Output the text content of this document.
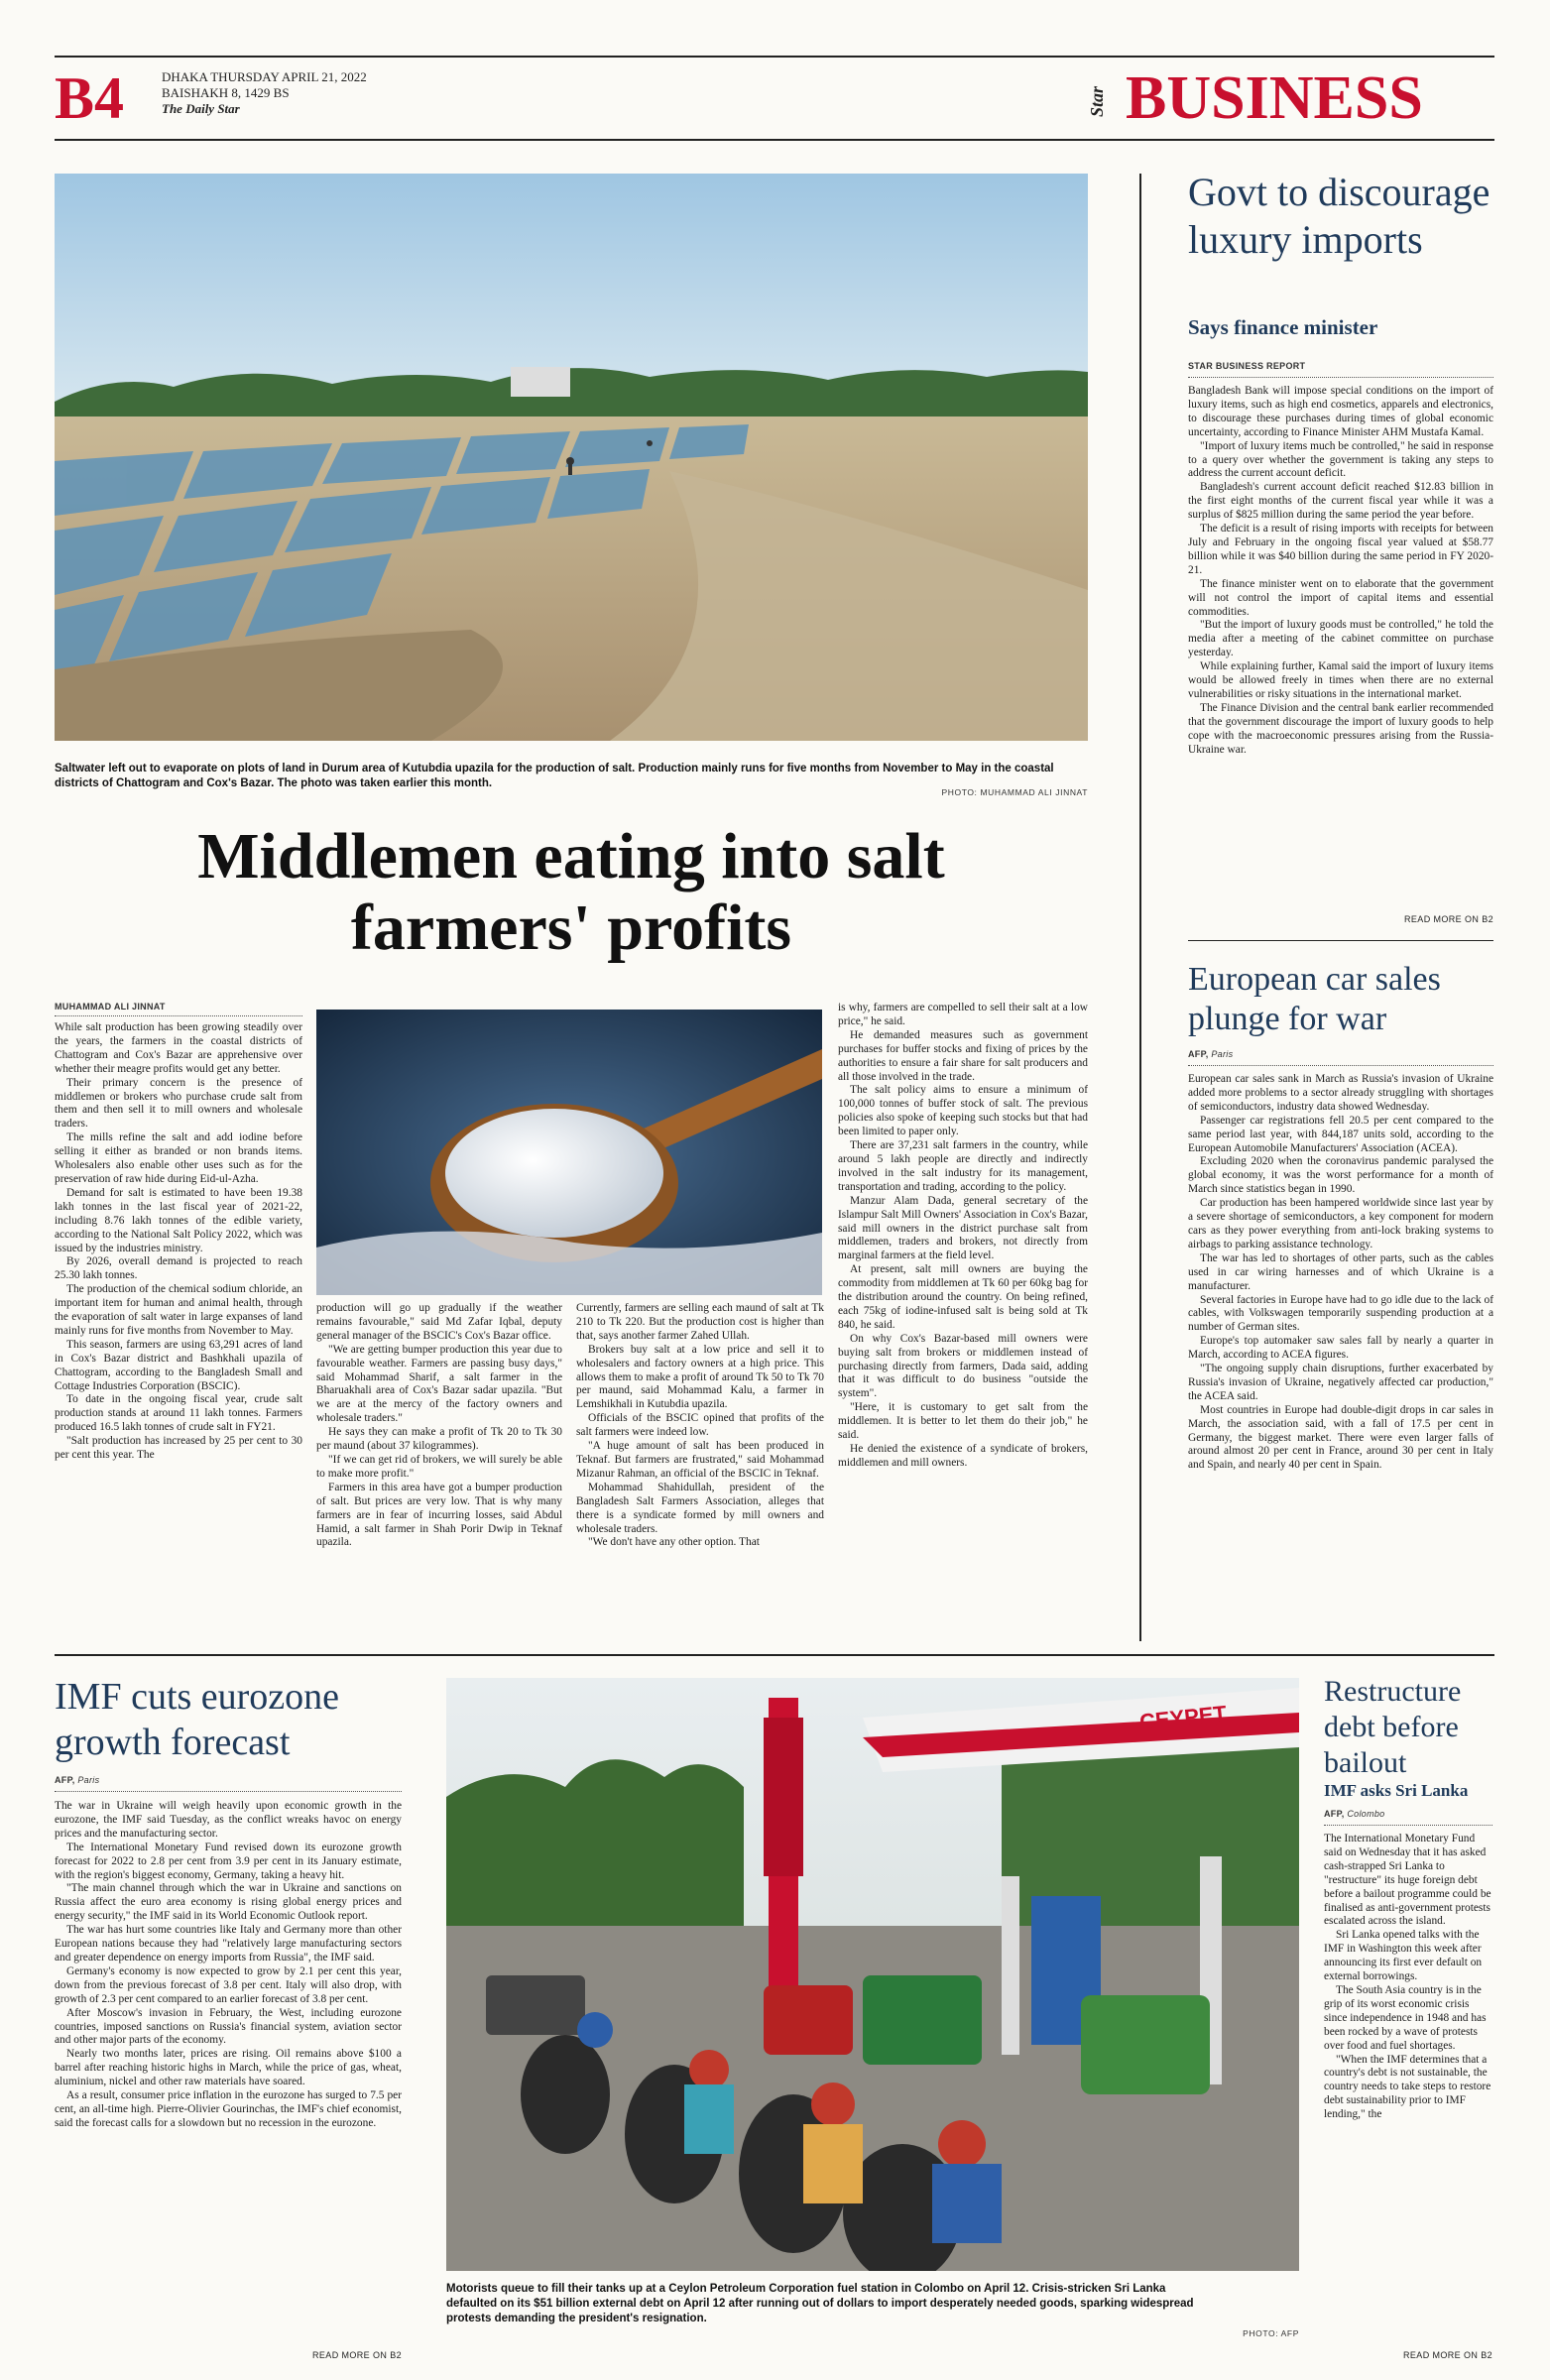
B4	DHAKA THURSDAY APRIL 21, 2022
BAISHAKH 8, 1429 BS
The Daily Star	Star BUSINESS
Saltwater left out to evaporate on plots of land in Durum area of Kutubdia upazila for the production of salt. Production mainly runs for five months from November to May in the coastal districts of Chattogram and Cox's Bazar. The photo was taken earlier this month.
PHOTO: MUHAMMAD ALI JINNAT
Middlemen eating into salt
farmers' profits
MUHAMMAD ALI JINNAT

While salt production has been growing steadily over the years, the farmers in the coastal districts of Chattogram and Cox's Bazar are apprehensive over whether their meagre profits would get any better.

Their primary concern is the presence of middlemen or brokers who purchase crude salt from them and then sell it to mill owners and wholesale traders.

The mills refine the salt and add iodine before selling it either as branded or non brands items. Wholesalers also enable other uses such as for the preservation of raw hide during Eid-ul-Azha.

Demand for salt is estimated to have been 19.38 lakh tonnes in the last fiscal year of 2021-22, including 8.76 lakh tonnes of the edible variety, according to the National Salt Policy 2022, which was issued by the industries ministry.

By 2026, overall demand is projected to reach 25.30 lakh tonnes.

The production of the chemical sodium chloride, an important item for human and animal health, through the evaporation of salt water in large expanses of land mainly runs for five months from November to May.

This season, farmers are using 63,291 acres of land in Cox's Bazar district and Bashkhali upazila of Chattogram, according to the Bangladesh Small and Cottage Industries Corporation (BSCIC).

To date in the ongoing fiscal year, crude salt production stands at around 11 lakh tonnes. Farmers produced 16.5 lakh tonnes of crude salt in FY21.

"Salt production has increased by 25 per cent to 30 per cent this year. The

production will go up gradually if the weather remains favourable," said Md Zafar Iqbal, deputy general manager of the BSCIC's Cox's Bazar office.

"We are getting bumper production this year due to favourable weather. Farmers are passing busy days," said Mohammad Sharif, a salt farmer in the Bharuakhali area of Cox's Bazar sadar upazila. "But we are at the mercy of the factory owners and wholesale traders."

He says they can make a profit of Tk 20 to Tk 30 per maund (about 37 kilogrammes).

"If we can get rid of brokers, we will surely be able to make more profit."

Farmers in this area have got a bumper production of salt. But prices are very low. That is why many farmers are in fear of incurring losses, said Abdul Hamid, a salt farmer in Shah Porir Dwip in Teknaf upazila.

Currently, farmers are selling each maund of salt at Tk 210 to Tk 220. But the production cost is higher than that, says another farmer Zahed Ullah.

Brokers buy salt at a low price and sell it to wholesalers and factory owners at a high price. This allows them to make a profit of around Tk 50 to Tk 70 per maund, said Mohammad Kalu, a farmer in Lemshikhali in Kutubdia upazila.

Officials of the BSCIC opined that profits of the salt farmers were indeed low.

"A huge amount of salt has been produced in Teknaf. But farmers are frustrated," said Mohammad Mizanur Rahman, an official of the BSCIC in Teknaf.

Mohammad Shahidullah, president of the Bangladesh Salt Farmers Association, alleges that there is a syndicate formed by mill owners and wholesale traders.

"We don't have any other option. That

is why, farmers are compelled to sell their salt at a low price," he said.

He demanded measures such as government purchases for buffer stocks and fixing of prices by the authorities to ensure a fair share for salt producers and all those involved in the trade.

The salt policy aims to ensure a minimum of 100,000 tonnes of buffer stock of salt. The previous policies also spoke of keeping such stocks but that had been limited to paper only.

There are 37,231 salt farmers in the country, while around 5 lakh people are directly and indirectly involved in the salt industry for its management, transportation and trading, according to the policy.

Manzur Alam Dada, general secretary of the Islampur Salt Mill Owners' Association in Cox's Bazar, said mill owners in the district purchase salt from middlemen, traders and brokers, not directly from marginal farmers at the field level.

At present, salt mill owners are buying the commodity from middlemen at Tk 60 per 60kg bag for the distribution around the country. On being refined, each 75kg of iodine-infused salt is being sold at Tk 840, he said.

On why Cox's Bazar-based mill owners were buying salt from brokers or middlemen instead of purchasing directly from farmers, Dada said, adding that it was difficult to do business "outside the system".

"Here, it is customary to get salt from the middlemen. It is better to let them do their job," he said.

He denied the existence of a syndicate of brokers, middlemen and mill owners.

Govt to discourage luxury imports
Says finance minister
STAR BUSINESS REPORT

Bangladesh Bank will impose special conditions on the import of luxury items, such as high end cosmetics, apparels and electronics, to discourage these purchases during times of global economic uncertainty, according to Finance Minister AHM Mustafa Kamal.

"Import of luxury items much be controlled," he said in response to a query over whether the government is taking any steps to address the current account deficit.

Bangladesh's current account deficit reached $12.83 billion in the first eight months of the current fiscal year while it was a surplus of $825 million during the same period the year before.

The deficit is a result of rising imports with receipts for between July and February in the ongoing fiscal year valued at $58.77 billion while it was $40 billion during the same period in FY 2020-21.

The finance minister went on to elaborate that the government will not control the import of capital items and essential commodities.

"But the import of luxury goods must be controlled," he told the media after a meeting of the cabinet committee on purchase yesterday.

While explaining further, Kamal said the import of luxury items would be allowed freely in times when there are no external vulnerabilities or risky situations in the international market.

The Finance Division and the central bank earlier recommended that the government discourage the import of luxury goods to help cope with the macroeconomic pressures arising from the Russia-Ukraine war.

READ MORE ON B2
European car sales plunge for war
AFP, Paris

European car sales sank in March as Russia's invasion of Ukraine added more problems to a sector already struggling with shortages of semiconductors, industry data showed Wednesday.

Passenger car registrations fell 20.5 per cent compared to the same period last year, with 844,187 units sold, according to the European Automobile Manufacturers' Association (ACEA).

Excluding 2020 when the coronavirus pandemic paralysed the global economy, it was the worst performance for a month of March since statistics began in 1990.

Car production has been hampered worldwide since last year by a severe shortage of semiconductors, a key component for modern cars as they power everything from anti-lock braking systems to airbags to parking assistance technology.

The war has led to shortages of other parts, such as the cables used in car wiring harnesses and of which Ukraine is a manufacturer.

Several factories in Europe have had to go idle due to the lack of cables, with Volkswagen temporarily suspending production at a number of German sites.

Europe's top automaker saw sales fall by nearly a quarter in March, according to ACEA figures.

"The ongoing supply chain disruptions, further exacerbated by Russia's invasion of Ukraine, negatively affected car production," the ACEA said.

Most countries in Europe had double-digit drops in car sales in March, the association said, with a fall of 17.5 per cent in Germany, the biggest market. There were even larger falls of around almost 20 per cent in France, around 30 per cent in Italy and Spain, and nearly 40 per cent in Spain.

IMF cuts eurozone growth forecast
AFP, Paris

The war in Ukraine will weigh heavily upon economic growth in the eurozone, the IMF said Tuesday, as the conflict wreaks havoc on energy prices and the manufacturing sector.

The International Monetary Fund revised down its eurozone growth forecast for 2022 to 2.8 per cent from 3.9 per cent in its January estimate, with the region's biggest economy, Germany, taking a heavy hit.

"The main channel through which the war in Ukraine and sanctions on Russia affect the euro area economy is rising global energy prices and energy security," the IMF said in its World Economic Outlook report.

The war has hurt some countries like Italy and Germany more than other European nations because they had "relatively large manufacturing sectors and greater dependence on energy imports from Russia", the IMF said.

Germany's economy is now expected to grow by 2.1 per cent this year, down from the previous forecast of 3.8 per cent. Italy will also drop, with growth of 2.3 per cent compared to an earlier forecast of 3.8 per cent.

After Moscow's invasion in February, the West, including eurozone countries, imposed sanctions on Russia's financial system, aviation sector and other major parts of the economy.

Nearly two months later, prices are rising. Oil remains above $100 a barrel after reaching historic highs in March, while the price of gas, wheat, aluminium, nickel and other raw materials have soared.

As a result, consumer price inflation in the eurozone has surged to 7.5 per cent, an all-time high. Pierre-Olivier Gourinchas, the IMF's chief economist, said the forecast calls for a slowdown but no recession in the eurozone.

READ MORE ON B2
CEYPET
Motorists queue to fill their tanks up at a Ceylon Petroleum Corporation fuel station in Colombo on April 12. Crisis-stricken Sri Lanka defaulted on its $51 billion external debt on April 12 after running out of dollars to import desperately needed goods, sparking widespread protests demanding the president's resignation.
PHOTO: AFP
Restructure debt before bailout
IMF asks Sri Lanka
AFP, Colombo

The International Monetary Fund said on Wednesday that it has asked cash-strapped Sri Lanka to "restructure" its huge foreign debt before a bailout programme could be finalised as anti-government protests escalated across the island.

Sri Lanka opened talks with the IMF in Washington this week after announcing its first ever default on external borrowings.

The South Asia country is in the grip of its worst economic crisis since independence in 1948 and has been rocked by a wave of protests over food and fuel shortages.

"When the IMF determines that a country's debt is not sustainable, the country needs to take steps to restore debt sustainability prior to IMF lending," the

READ MORE ON B2
